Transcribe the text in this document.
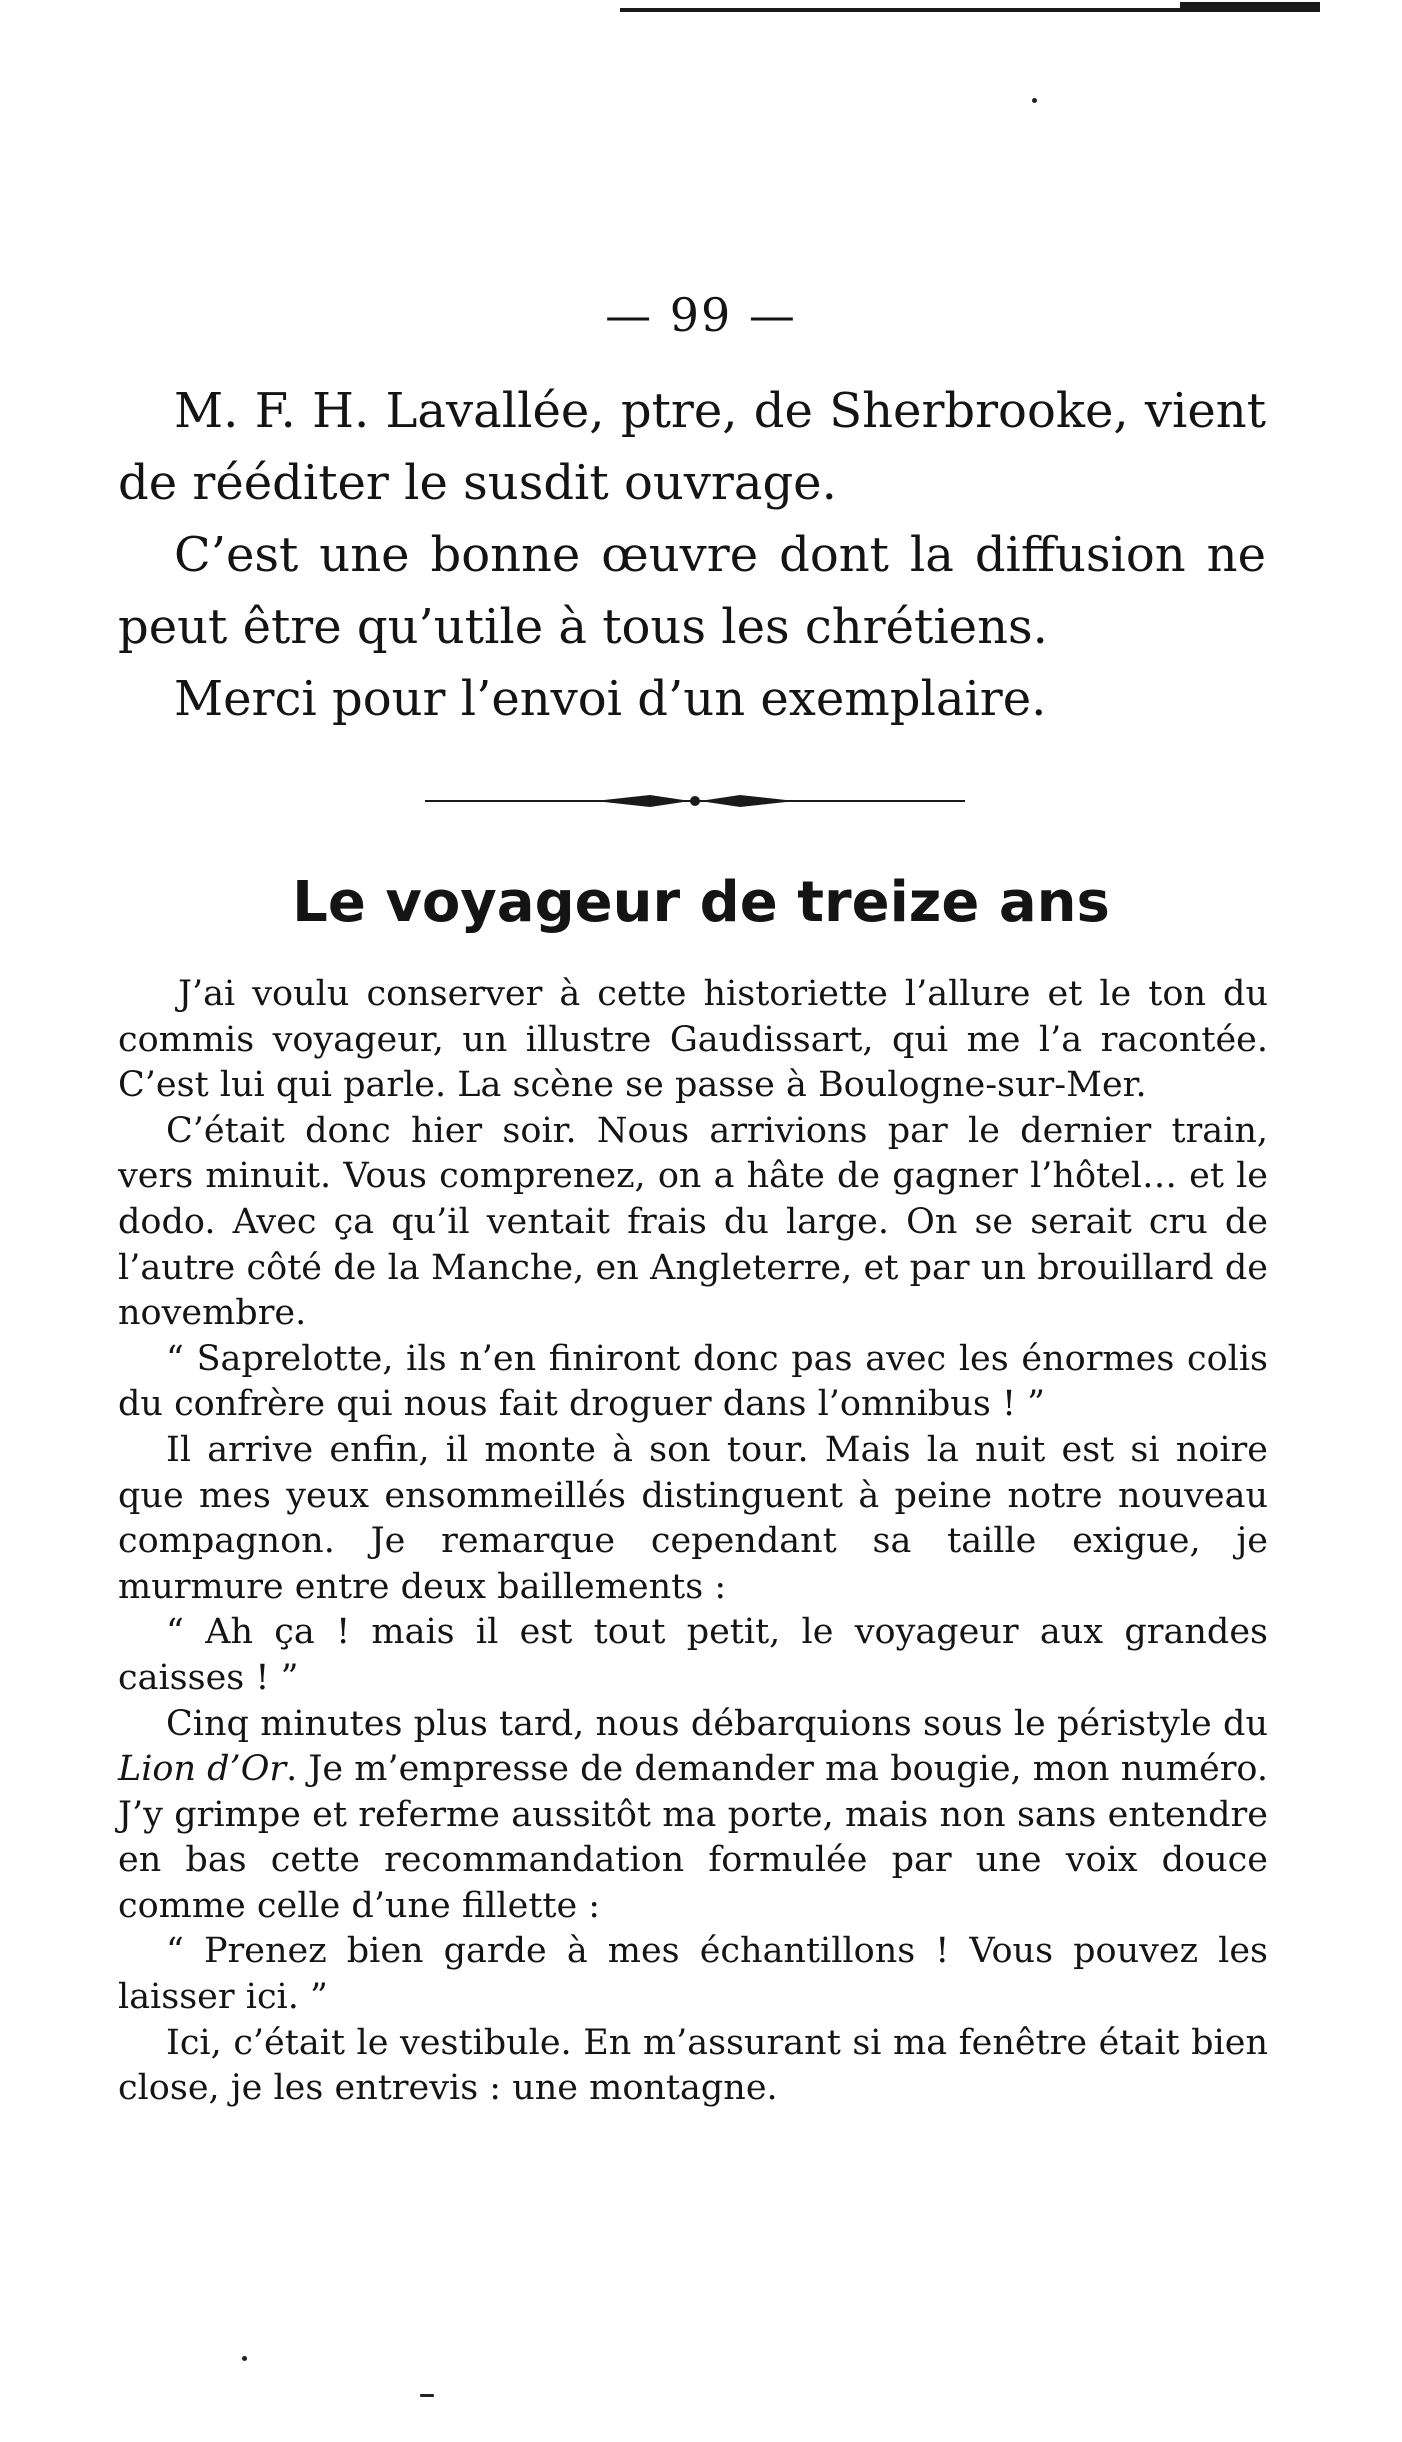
— 99 —

M. F. H. Lavallée, ptre, de Sherbrooke, vient de rééditer le susdit ouvrage.

C’est une bonne œuvre dont la diffusion ne peut être qu’utile à tous les chrétiens.

Merci pour l’envoi d’un exemplaire.

Le voyageur de treize ans

J’ai voulu conserver à cette historiette l’allure et le ton du commis voyageur, un illustre Gaudissart, qui me l’a racontée. C’est lui qui parle. La scène se passe à Boulogne-sur-Mer.

C’était donc hier soir. Nous arrivions par le dernier train, vers minuit. Vous comprenez, on a hâte de gagner l’hôtel… et le dodo. Avec ça qu’il ventait frais du large. On se serait cru de l’autre côté de la Manche, en Angleterre, et par un brouillard de novembre.

“ Saprelotte, ils n’en finiront donc pas avec les énormes colis du confrère qui nous fait droguer dans l’omnibus ! ”

Il arrive enfin, il monte à son tour. Mais la nuit est si noire que mes yeux ensommeillés distinguent à peine notre nouveau compagnon. Je remarque cependant sa taille exigue, je murmure entre deux baillements :

“ Ah ça ! mais il est tout petit, le voyageur aux grandes caisses ! ”

Cinq minutes plus tard, nous débarquions sous le péristyle du Lion d’Or. Je m’empresse de demander ma bougie, mon numéro. J’y grimpe et referme aussitôt ma porte, mais non sans entendre en bas cette recommandation formulée par une voix douce comme celle d’une fillette :

“ Prenez bien garde à mes échantillons ! Vous pouvez les laisser ici. ”

Ici, c’était le vestibule. En m’assurant si ma fenêtre était bien close, je les entrevis : une montagne.
